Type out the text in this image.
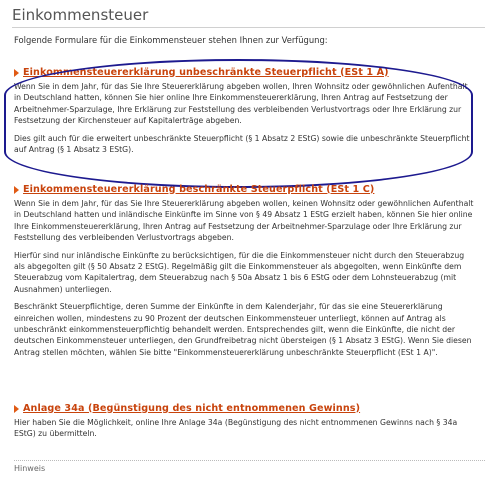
Einkommensteuer
Folgende Formulare für die Einkommensteuer stehen Ihnen zur Verfügung:
Einkommensteuererklärung unbeschränkte Steuerpflicht (ESt 1 A)

Wenn Sie in dem Jahr, für das Sie Ihre Steuererklärung abgeben wollen, Ihren Wohnsitz oder gewöhnlichen Aufenthalt in Deutschland hatten, können Sie hier online Ihre Einkommensteuererklärung, Ihren Antrag auf Festsetzung der Arbeitnehmer-Sparzulage, Ihre Erklärung zur Feststellung des verbleibenden Verlustvortrags oder Ihre Erklärung zur Festsetzung der Kirchensteuer auf Kapitalerträge abgeben.

Dies gilt auch für die erweitert unbeschränkte Steuerpflicht (§ 1 Absatz 2 EStG) sowie die unbeschränkte Steuerpflicht auf Antrag (§ 1 Absatz 3 EStG).

Einkommensteuererklärung beschränkte Steuerpflicht (ESt 1 C)

Wenn Sie in dem Jahr, für das Sie Ihre Steuererklärung abgeben wollen, keinen Wohnsitz oder gewöhnlichen Aufenthalt in Deutschland hatten und inländische Einkünfte im Sinne von § 49 Absatz 1 EStG erzielt haben, können Sie hier online Ihre Einkommensteuererklärung, Ihren Antrag auf Festsetzung der Arbeitnehmer-Sparzulage oder Ihre Erklärung zur Feststellung des verbleibenden Verlustvortrags abgeben.

Hierfür sind nur inländische Einkünfte zu berücksichtigen, für die die Einkommensteuer nicht durch den Steuerabzug als abgegolten gilt (§ 50 Absatz 2 EStG). Regelmäßig gilt die Einkommensteuer als abgegolten, wenn Einkünfte dem Steuerabzug vom Kapitalertrag, dem Steuerabzug nach § 50a Absatz 1 bis 6 EStG oder dem Lohnsteuerabzug (mit Ausnahmen) unterliegen.

Beschränkt Steuerpflichtige, deren Summe der Einkünfte in dem Kalenderjahr, für das sie eine Steuererklärung einreichen wollen, mindestens zu 90 Prozent der deutschen Einkommensteuer unterliegt, können auf Antrag als unbeschränkt einkommensteuerpflichtig behandelt werden. Entsprechendes gilt, wenn die Einkünfte, die nicht der deutschen Einkommensteuer unterliegen, den Grundfreibetrag nicht übersteigen (§ 1 Absatz 3 EStG). Wenn Sie diesen Antrag stellen möchten, wählen Sie bitte "Einkommensteuererklärung unbeschränkte Steuerpflicht (ESt 1 A)".

Anlage 34a (Begünstigung des nicht entnommenen Gewinns)

Hier haben Sie die Möglichkeit, online Ihre Anlage 34a (Begünstigung des nicht entnommenen Gewinns nach § 34a EStG) zu übermitteln.

Hinweis
